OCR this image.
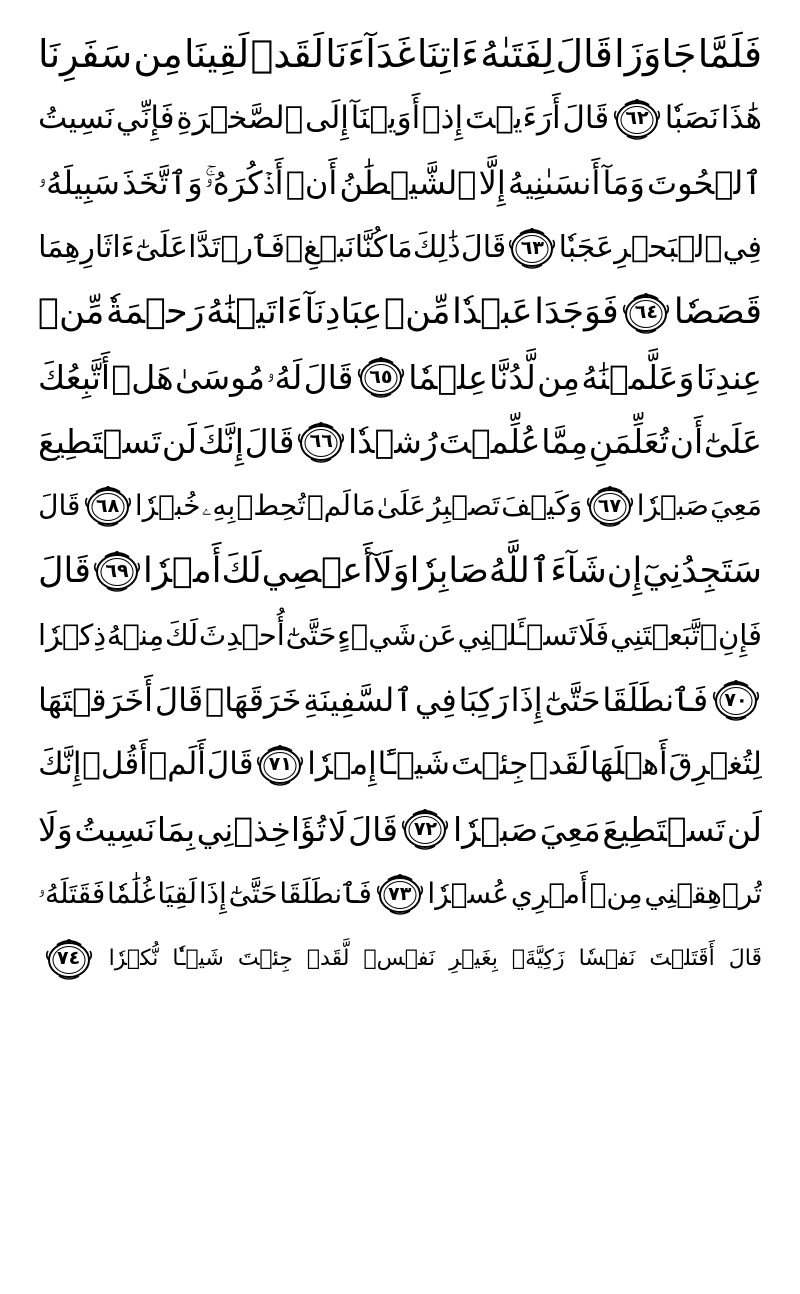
فَلَمَّا
جَاوَزَا
قَالَ
لِفَتَىٰهُ
ءَاتِنَا
غَدَآءَنَا
لَقَدۡ
لَقِينَا
مِن
سَفَرِنَا
هَٰذَا
نَصَبٗا
٦٢
قَالَ
أَرَءَيۡتَ
إِذۡ
أَوَيۡنَآ
إِلَى
ٱلصَّخۡرَةِ
فَإِنِّي
نَسِيتُ
ٱلۡحُوتَ
وَمَآ
أَنسَىٰنِيهُ
إِلَّا
ٱلشَّيۡطَٰنُ
أَنۡ
أَذۡكُرَهُۥۚ
وَٱتَّخَذَ
سَبِيلَهُۥ
فِي
ٱلۡبَحۡرِ
عَجَبٗا
٦٣
قَالَ
ذَٰلِكَ
مَا
كُنَّا
نَبۡغِۚ
فَٱرۡتَدَّا
عَلَىٰٓ
ءَاثَارِهِمَا
قَصَصٗا
٦٤
فَوَجَدَا
عَبۡدٗا
مِّنۡ
عِبَادِنَآ
ءَاتَيۡنَٰهُ
رَحۡمَةٗ
مِّنۡ
عِندِنَا
وَعَلَّمۡنَٰهُ
مِن
لَّدُنَّا
عِلۡمٗا
٦٥
قَالَ
لَهُۥ
مُوسَىٰ
هَلۡ
أَتَّبِعُكَ
عَلَىٰٓ
أَن
تُعَلِّمَنِ
مِمَّا
عُلِّمۡتَ
رُشۡدٗا
٦٦
قَالَ
إِنَّكَ
لَن
تَسۡتَطِيعَ
مَعِيَ
صَبۡرٗا
٦٧
وَكَيۡفَ
تَصۡبِرُ
عَلَىٰ
مَا
لَمۡ
تُحِطۡ
بِهِۦ
خُبۡرٗا
٦٨
قَالَ
سَتَجِدُنِيٓ
إِن
شَآءَ
ٱللَّهُ
صَابِرٗا
وَلَآ
أَعۡصِي
لَكَ
أَمۡرٗا
٦٩
قَالَ
فَإِنِ
ٱتَّبَعۡتَنِي
فَلَا
تَسۡـَٔلۡنِي
عَن
شَيۡءٍ
حَتَّىٰٓ
أُحۡدِثَ
لَكَ
مِنۡهُ
ذِكۡرٗا
٧٠
فَٱنطَلَقَا
حَتَّىٰٓ
إِذَا
رَكِبَا
فِي
ٱلسَّفِينَةِ
خَرَقَهَاۖ
قَالَ
أَخَرَقۡتَهَا
لِتُغۡرِقَ
أَهۡلَهَا
لَقَدۡ
جِئۡتَ
شَيۡـًٔا
إِمۡرٗا
٧١
قَالَ
أَلَمۡ
أَقُلۡ
إِنَّكَ
لَن
تَسۡتَطِيعَ
مَعِيَ
صَبۡرٗا
٧٢
قَالَ
لَا
تُؤَاخِذۡنِي
بِمَا
نَسِيتُ
وَلَا
تُرۡهِقۡنِي
مِنۡ
أَمۡرِي
عُسۡرٗا
٧٣
فَٱنطَلَقَا
حَتَّىٰٓ
إِذَا
لَقِيَا
غُلَٰمٗا
فَقَتَلَهُۥ
قَالَ
أَقَتَلۡتَ
نَفۡسٗا
زَكِيَّةَۢ
بِغَيۡرِ
نَفۡسٖ
لَّقَدۡ
جِئۡتَ
شَيۡـٔٗا
نُّكۡرٗا
٧٤
